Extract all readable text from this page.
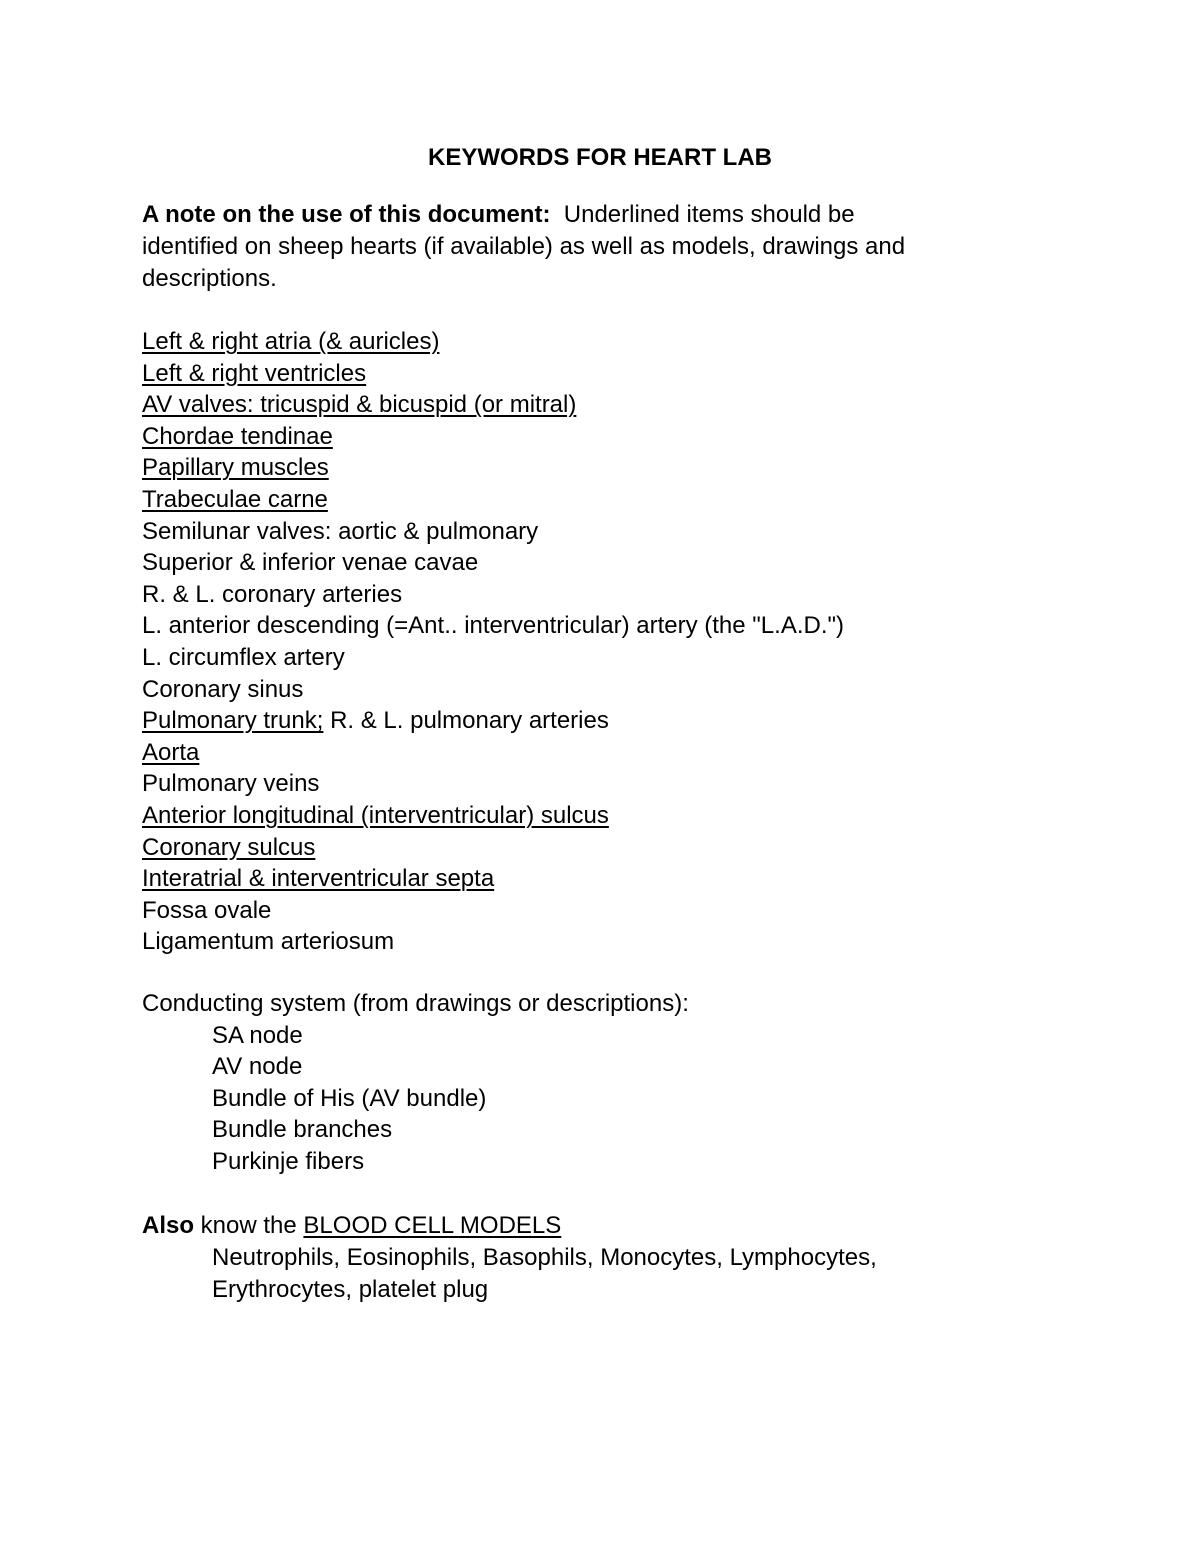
KEYWORDS FOR HEART LAB
A note on the use of this document: Underlined items should be
identified on sheep hearts (if available) as well as models, drawings and
descriptions.
Left & right atria (& auricles)
Left & right ventricles
AV valves: tricuspid & bicuspid (or mitral)
Chordae tendinae
Papillary muscles
Trabeculae carne
Semilunar valves: aortic & pulmonary
Superior & inferior venae cavae
R. & L. coronary arteries
L. anterior descending (=Ant.. interventricular) artery (the "L.A.D.")
L. circumflex artery
Coronary sinus
Pulmonary trunk; R. & L. pulmonary arteries
Aorta
Pulmonary veins
Anterior longitudinal (interventricular) sulcus
Coronary sulcus
Interatrial & interventricular septa
Fossa ovale
Ligamentum arteriosum
Conducting system (from drawings or descriptions):
SA node
AV node
Bundle of His (AV bundle)
Bundle branches
Purkinje fibers
Also know the BLOOD CELL MODELS
Neutrophils, Eosinophils, Basophils, Monocytes, Lymphocytes,
Erythrocytes, platelet plug
